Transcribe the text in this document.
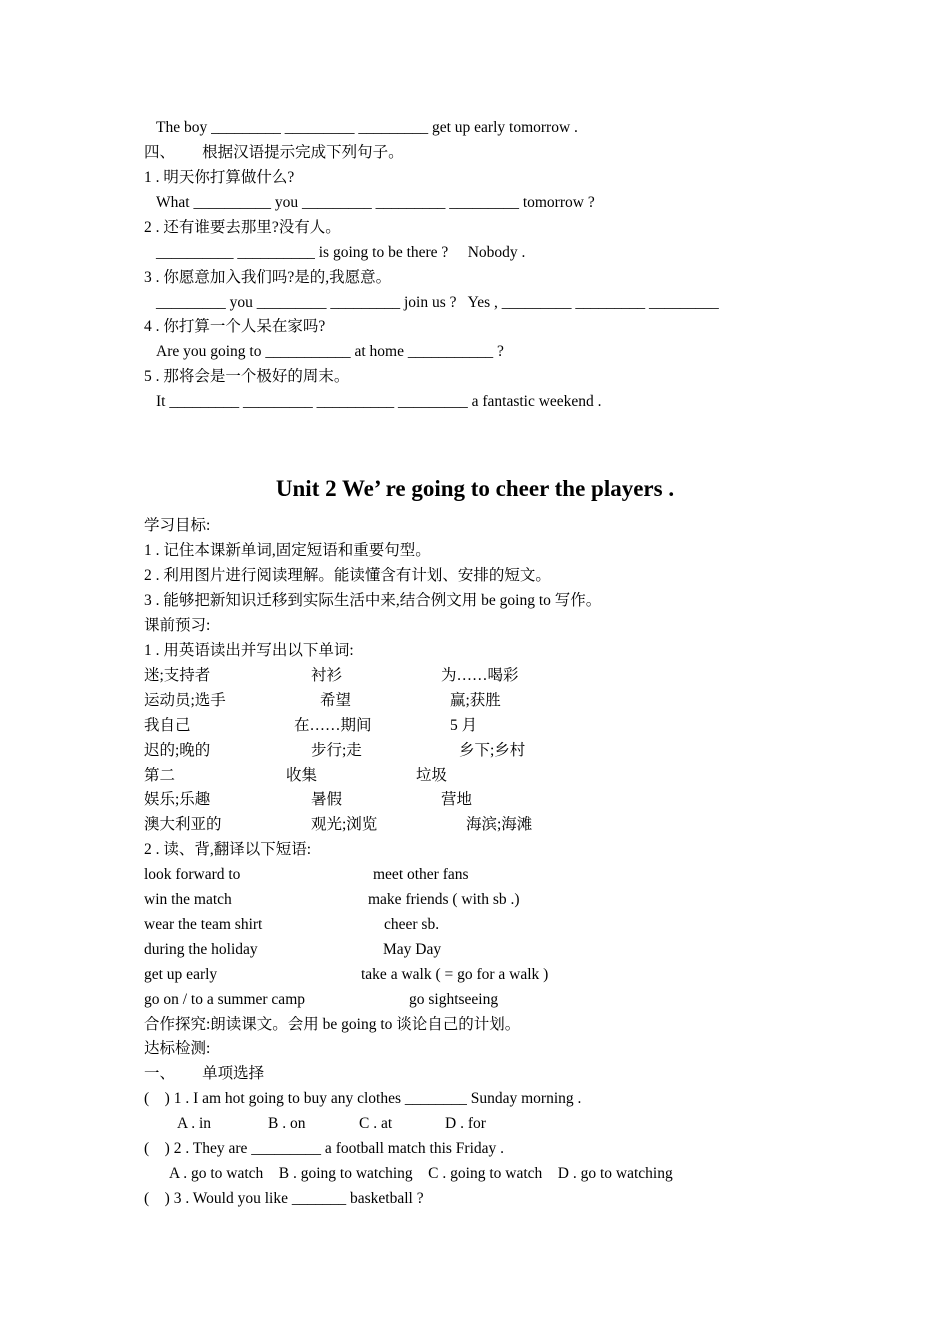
The boy _________ _________ _________ get up early tomorrow .
四、       根据汉语提示完成下列句子。
1 . 明天你打算做什么?
What __________ you _________ _________ _________ tomorrow ?
2 . 还有谁要去那里?没有人。
__________ __________ is going to be there ?     Nobody .
3 . 你愿意加入我们吗?是的,我愿意。
_________ you _________ _________ join us ?   Yes , _________ _________ _________
4 . 你打算一个人呆在家吗?
Are you going to ___________ at home ___________ ?
5 . 那将会是一个极好的周末。
It _________ _________ __________ _________ a fantastic weekend .
Unit 2 We’ re going to cheer the players .
学习目标:
1 . 记住本课新单词,固定短语和重要句型。
2 . 利用图片进行阅读理解。能读懂含有计划、安排的短文。
3 . 能够把新知识迁移到实际生活中来,结合例文用 be going to 写作。
课前预习:
1 . 用英语读出并写出以下单词:
迷;支持者	衬衫	为……喝彩
运动员;选手	希望	赢;获胜
我自己	在……期间	5 月
迟的;晚的	步行;走	乡下;乡村
第二	收集	垃圾
娱乐;乐趣	暑假	营地
澳大利亚的	观光;浏览	海滨;海滩
2 . 读、背,翻译以下短语:
look forward to	meet other fans
win the match	make friends ( with sb .)
wear the team shirt	cheer sb.
during the holiday	May Day
get up early	take a walk ( = go for a walk )
go on / to a summer camp	go sightseeing
合作探究:朗读课文。会用 be going to 谈论自己的计划。
达标检测:
一、       单项选择
(    ) 1 . I am hot going to buy any clothes ________ Sunday morning .
A . in	B . on	C . at	D . for
(    ) 2 . They are _________ a football match this Friday .
A . go to watch    B . going to watching    C . going to watch    D . go to watching
(    ) 3 . Would you like _______ basketball ?
